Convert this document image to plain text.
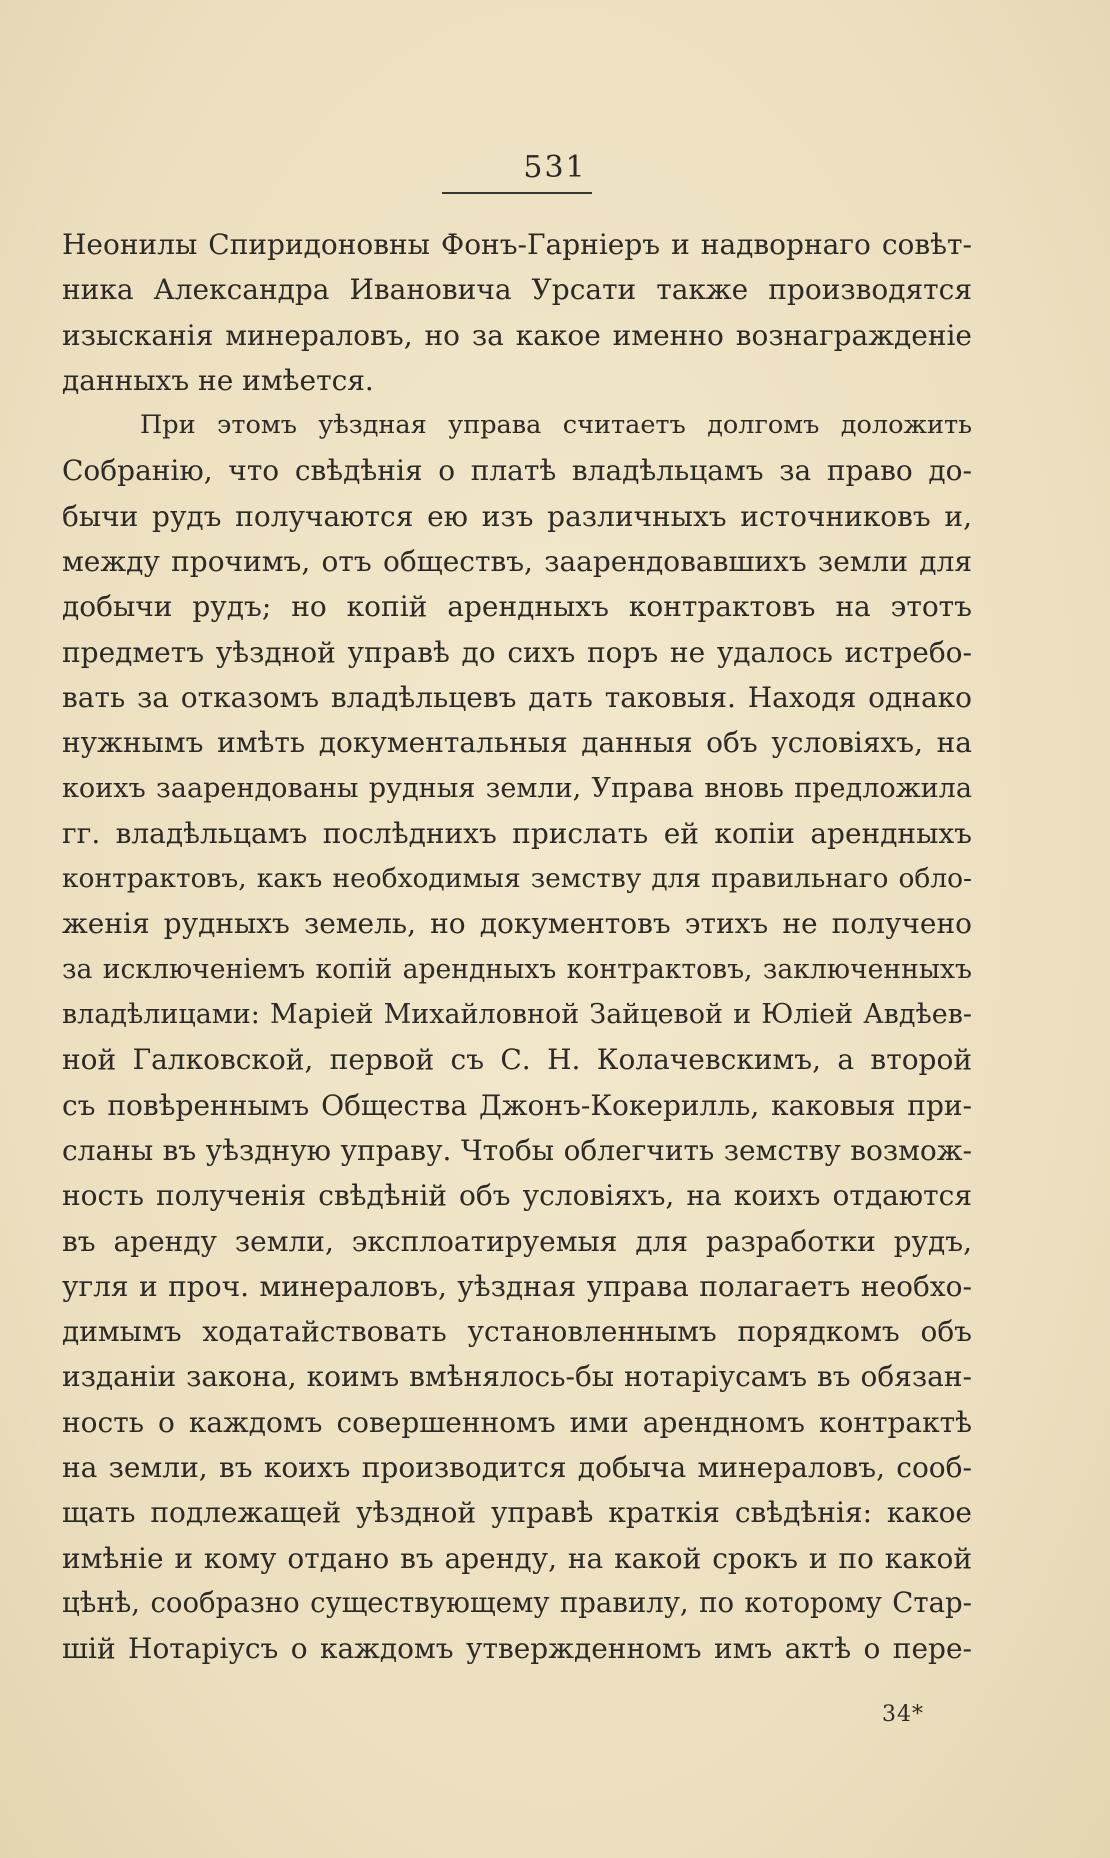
531
Неонилы Спиридоновны Фонъ-Гарніеръ и надворнаго совѣт-
ника Александра Ивановича Урсати также производятся
изысканія минераловъ, но за какое именно вознагражденіе
данныхъ не имѣется.
При этомъ уѣздная управа считаетъ долгомъ доложить
Собранію, что свѣдѣнія о платѣ владѣльцамъ за право до-
бычи рудъ получаются ею изъ различныхъ источниковъ и,
между прочимъ, отъ обществъ, заарендовавшихъ земли для
добычи рудъ; но копій арендныхъ контрактовъ на этотъ
предметъ уѣздной управѣ до сихъ поръ не удалось истребо-
вать за отказомъ владѣльцевъ дать таковыя. Находя однако
нужнымъ имѣть документальныя данныя объ условіяхъ, на
коихъ заарендованы рудныя земли, Управа вновь предложила
гг. владѣльцамъ послѣднихъ прислать ей копіи арендныхъ
контрактовъ, какъ необходимыя земству для правильнаго обло-
женія рудныхъ земель, но документовъ этихъ не получено
за исключеніемъ копій арендныхъ контрактовъ, заключенныхъ
владѣлицами: Маріей Михайловной Зайцевой и Юліей Авдѣев-
ной Галковской, первой съ С. Н. Колачевскимъ, а второй
съ повѣреннымъ Общества Джонъ-Кокерилль, каковыя при-
сланы въ уѣздную управу. Чтобы облегчить земству возмож-
ность полученія свѣдѣній объ условіяхъ, на коихъ отдаются
въ аренду земли, эксплоатируемыя для разработки рудъ,
угля и проч. минераловъ, уѣздная управа полагаетъ необхо-
димымъ ходатайствовать установленнымъ порядкомъ объ
изданіи закона, коимъ вмѣнялось-бы нотаріусамъ въ обязан-
ность о каждомъ совершенномъ ими арендномъ контрактѣ
на земли, въ коихъ производится добыча минераловъ, сооб-
щать подлежащей уѣздной управѣ краткія свѣдѣнія: какое
имѣніе и кому отдано въ аренду, на какой срокъ и по какой
цѣнѣ, сообразно существующему правилу, по которому Стар-
шій Нотаріусъ о каждомъ утвержденномъ имъ актѣ о пере-
34*
